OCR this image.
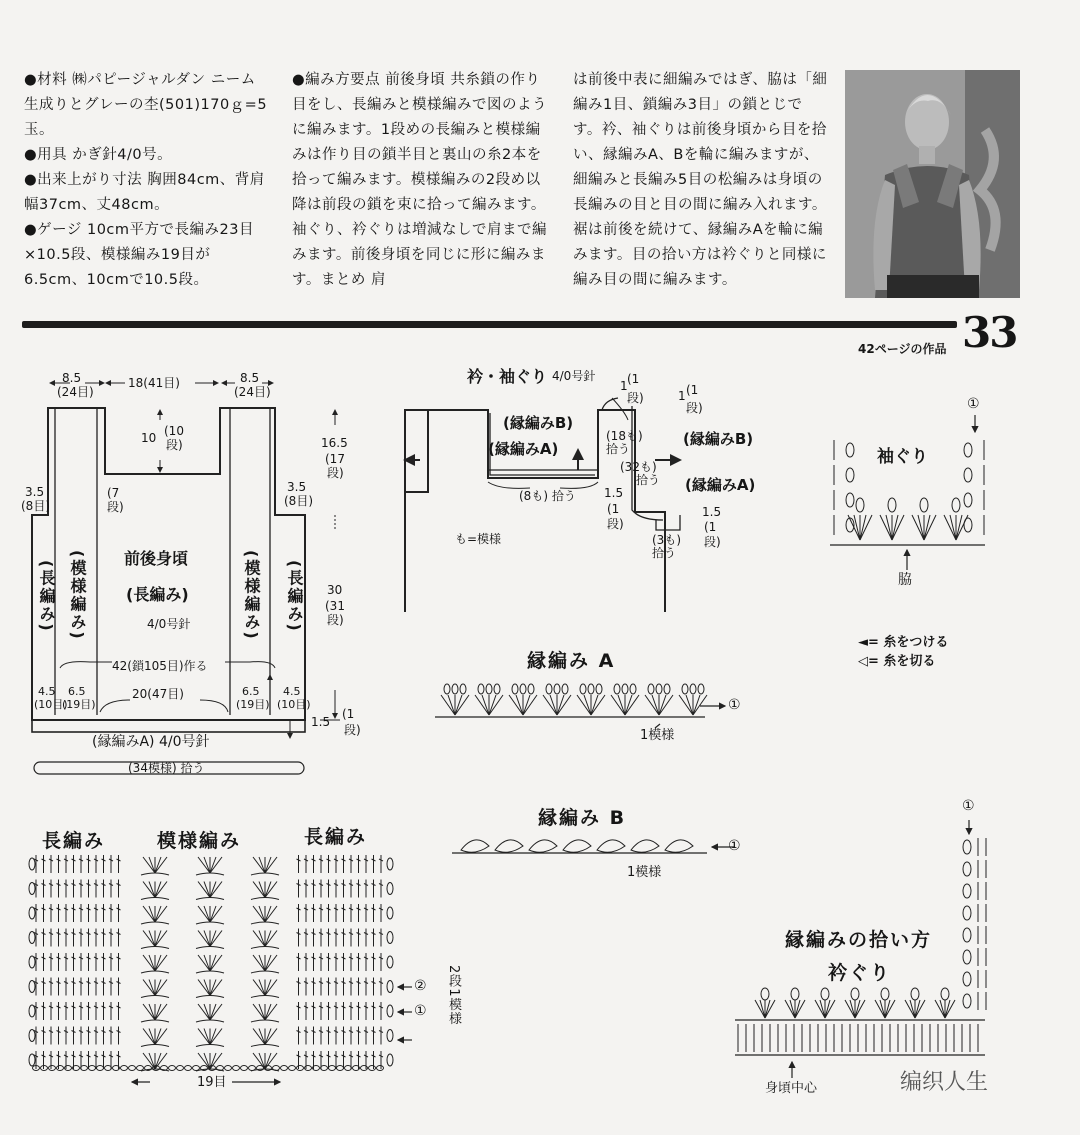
●材料 ㈱パピージャルダン ニーム 生成りとグレーの杢(501)170ｇ=5玉。

●用具 かぎ針4/0号。

●出来上がり寸法 胸囲84cm、背肩幅37cm、丈48cm。

●ゲージ 10cm平方で長編み23目×10.5段、模様編み19目が6.5cm、10cmで10.5段。

●編み方要点 前後身頃 共糸鎖の作り目をし、長編みと模様編みで図のように編みます。1段めの長編みと模様編みは作り目の鎖半目と裏山の糸2本を拾って編みます。模様編みの2段め以降は前段の鎖を束に拾って編みます。袖ぐり、衿ぐりは増減なしで肩まで編みます。前後身頃を同じに形に編みます。まとめ 肩
は前後中表に細編みではぎ、脇は「細編み1目、鎖編み3目」の鎖とじです。衿、袖ぐりは前後身頃から目を拾い、縁編みA、Bを輪に編みますが、細編みと長編み5目の松編みは身頃の長編みの目と目の間に編み入れます。裾は前後を続けて、縁編みAを輪に編みます。目の拾い方は衿ぐりと同様に編み目の間に編みます。
33
42ページの作品
8.5
(24目)
18(41目)	8.5
(24目)
10 (10
段)
(7
段)
3.5
(8目)
3.5
(8目)
16.5
(17
段)
30
(31
段)
42(鎖105目)作る
4.5
(10目)
6.5
(19目)
20(47目)	6.5
(19目)
4.5
(10目)
1.5
(1
段)
(縁編みA) 4/0号針
(34模様) 拾う
前後身頃
(長編み)
4/0号針
(長編み) (模様編み)	(模様編み) (長編み)
衿・袖ぐり 4/0号針
(縁編みB)
(縁編みA)
(縁編みB)
(縁編みA)
(8も) 拾う
(18も)
拾う
(32も)
拾う
(3も)
拾う
1 (1
段)	1 (1
段)
1.5
(1
段)
1.5
(1
段)
も=模様
袖ぐり
①
脇
◄= 糸をつける
◁= 糸を切る
縁編み A
1模様
①
縁編み B
1模様
①
長編み	模様編み	長編み
19目
②
① 2段1模様
縁編みの拾い方
衿ぐり
①
身頃中心	编织人生
